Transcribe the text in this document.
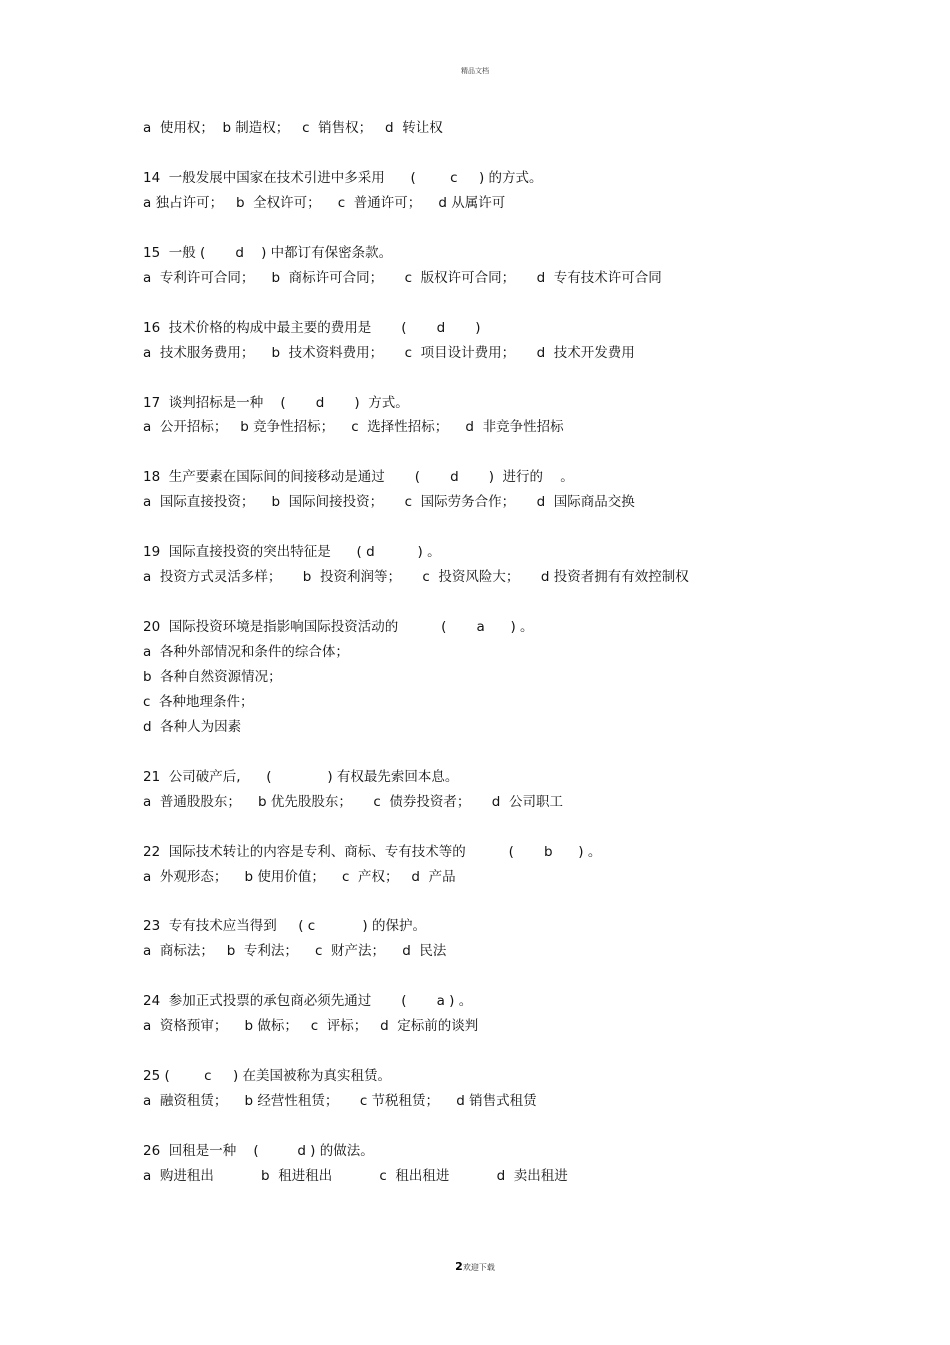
精品文档
a  使用权；  b 制造权；   c  销售权；   d  转让权
14  一般发展中国家在技术引进中多采用      (        c     ) 的方式。
a 独占许可；   b  全权许可；    c  普通许可；    d 从属许可
15  一般 (       d    ) 中都订有保密条款。
a  专利许可合同；    b  商标许可合同；     c  版权许可合同；     d  专有技术许可合同
16  技术价格的构成中最主要的费用是       (       d       )
a  技术服务费用；    b  技术资料费用；     c  项目设计费用；     d  技术开发费用
17  谈判招标是一种    (       d       )  方式。
a  公开招标；   b 竞争性招标；    c  选择性招标；    d  非竞争性招标
18  生产要素在国际间的间接移动是通过       (       d       )  进行的    。
a  国际直接投资；    b  国际间接投资；     c  国际劳务合作；     d  国际商品交换
19  国际直接投资的突出特征是      ( d          ) 。
a  投资方式灵活多样；     b  投资利润等；     c  投资风险大；     d 投资者拥有有效控制权
20  国际投资环境是指影响国际投资活动的          (       a      ) 。
a  各种外部情况和条件的综合体；
b  各种自然资源情况；
c  各种地理条件；
d  各种人为因素
21  公司破产后,      (             ) 有权最先索回本息。
a  普通股股东；    b 优先股股东；     c  债券投资者；     d  公司职工
22  国际技术转让的内容是专利、商标、专有技术等的          (       b      ) 。
a  外观形态；    b 使用价值；    c  产权；   d  产品
23  专有技术应当得到     ( c           ) 的保护。
a  商标法；   b  专利法；    c  财产法；    d  民法
24  参加正式投票的承包商必须先通过       (       a ) 。
a  资格预审；    b 做标；   c  评标；   d  定标前的谈判
25 (        c     ) 在美国被称为真实租赁。
a  融资租赁；    b 经营性租赁；     c 节税租赁；    d 销售式租赁
26  回租是一种    (         d ) 的做法。
a  购进租出           b  租进租出           c  租出租进           d  卖出租进
2欢迎下载
